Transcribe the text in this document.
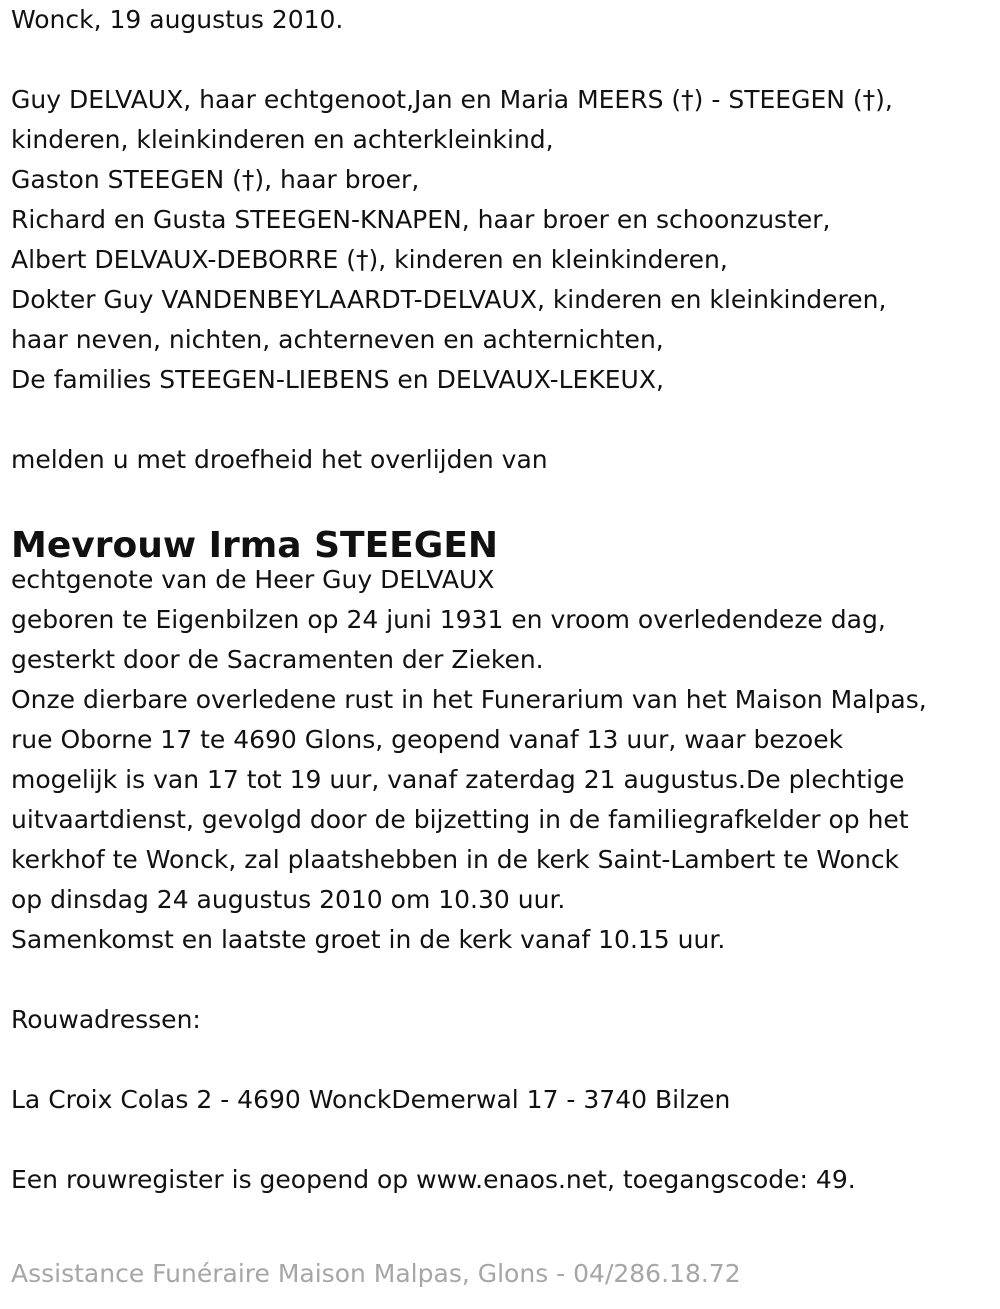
Wonck, 19 augustus 2010.
Guy DELVAUX, haar echtgenoot,Jan en Maria MEERS (†) - STEEGEN (†),
kinderen, kleinkinderen en achterkleinkind,
Gaston STEEGEN (†), haar broer,
Richard en Gusta STEEGEN-KNAPEN, haar broer en schoonzuster,
Albert DELVAUX-DEBORRE (†), kinderen en kleinkinderen,
Dokter Guy VANDENBEYLAARDT-DELVAUX, kinderen en kleinkinderen,
haar neven, nichten, achterneven en achternichten,
De families STEEGEN-LIEBENS en DELVAUX-LEKEUX,
melden u met droefheid het overlijden van
Mevrouw Irma STEEGEN
echtgenote van de Heer Guy DELVAUX
geboren te Eigenbilzen op 24 juni 1931 en vroom overledendeze dag,
gesterkt door de Sacramenten der Zieken.
Onze dierbare overledene rust in het Funerarium van het Maison Malpas,
rue Oborne 17 te 4690 Glons, geopend vanaf 13 uur, waar bezoek
mogelijk is van 17 tot 19 uur, vanaf zaterdag 21 augustus.De plechtige
uitvaartdienst, gevolgd door de bijzetting in de familiegrafkelder op het
kerkhof te Wonck, zal plaatshebben in de kerk Saint-Lambert te Wonck
op dinsdag 24 augustus 2010 om 10.30 uur.
Samenkomst en laatste groet in de kerk vanaf 10.15 uur.
Rouwadressen:
La Croix Colas 2 - 4690 WonckDemerwal 17 - 3740 Bilzen
Een rouwregister is geopend op www.enaos.net, toegangscode: 49.
Assistance Funéraire Maison Malpas, Glons - 04/286.18.72
